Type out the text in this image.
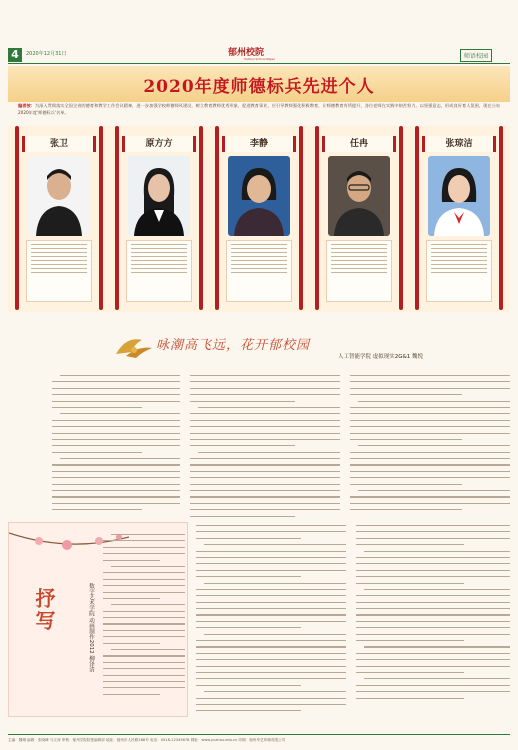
4	2020年12月31日	郁州校院
Yuzhou School Paper	师语校园
2020年度师德标兵先进个人
编者按：为深入贯彻落实全国全省的德育和教学工作会议精神，进一步加强学校师德师风建设，树立教育教师优秀形象，促进教育事业，应引导教师强化积极教育，让师德教育有所提升，各位老师在实践中刻苦努力。以坚强意志，形成良好育人氛围，现在公布2020年度'师德标兵'名单。
张卫	原方方	李静	任冉	张琼洁
咏潮高飞远，花开郁校园
人工智能学院 虚拟现实2G&1 魏悦
抒写	数字艺术学院 动画制作2012 柳泽清
主编：魏琳 编辑：张晓峰 马文涛 审核：郁州学院院报编辑部 地址：郁州市人民路188号 电话：0518-12345678 网址：www.yuzhou.edu.cn 印刷：郁州华艺印刷有限公司
